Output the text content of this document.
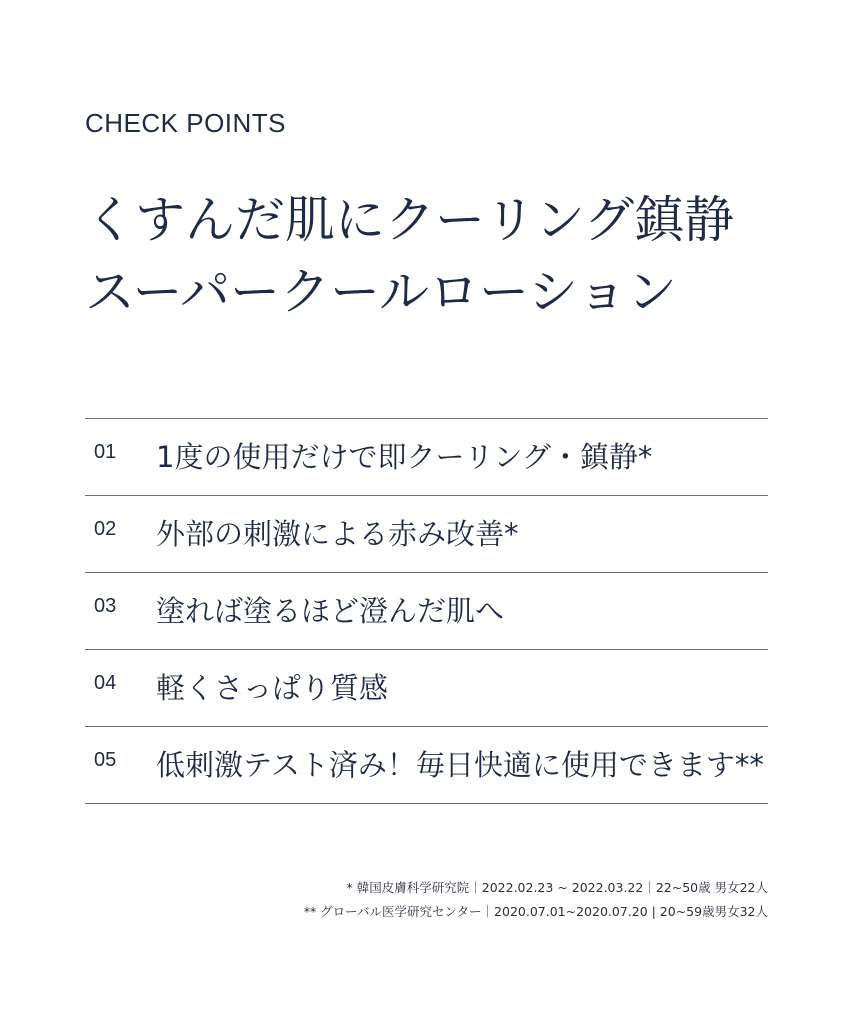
CHECK POINTS
くすんだ肌にクーリング鎮静
スーパークールローション
01 1度の使用だけで即クーリング・鎮静*
02 外部の刺激による赤み改善*
03 塗れば塗るほど澄んだ肌へ
04 軽くさっぱり質感
05 低刺激テスト済み！毎日快適に使用できます**
* 韓国皮膚科学研究院｜2022.02.23 ~ 2022.03.22｜22~50歳 男女22人
** グローバル医学研究センター｜2020.07.01~2020.07.20 | 20~59歳男女32人
